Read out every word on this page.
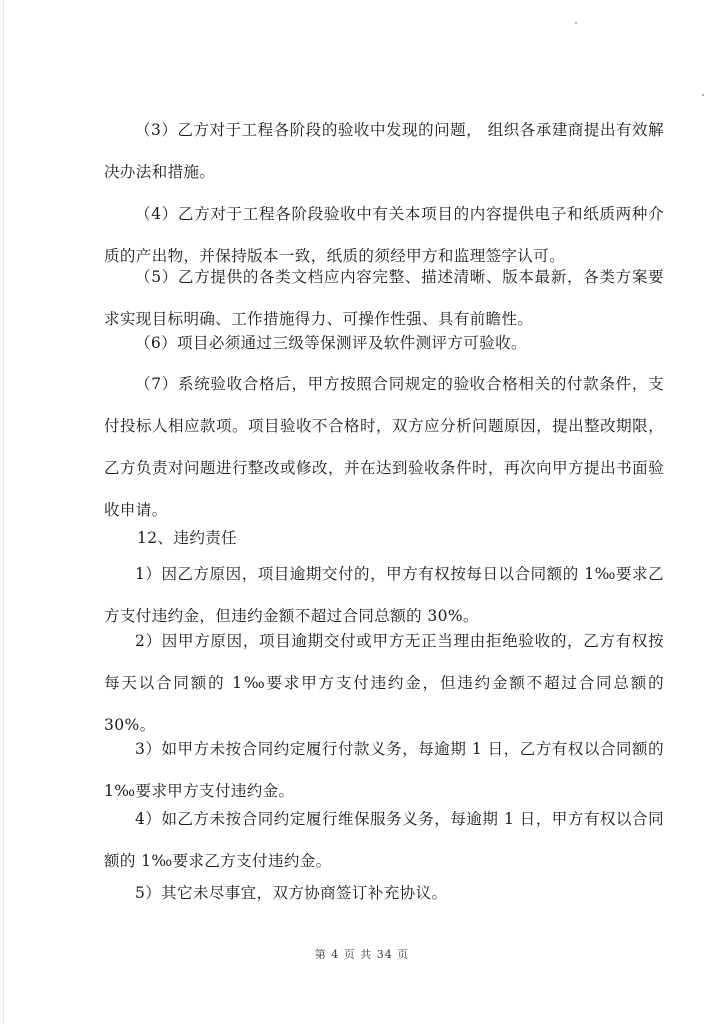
（3）乙方对于工程各阶段的验收中发现的问题， 组织各承建商提出有效解决办法和措施。

（4）乙方对于工程各阶段验收中有关本项目的内容提供电子和纸质两种介质的产出物，并保持版本一致，纸质的须经甲方和监理签字认可。

（5）乙方提供的各类文档应内容完整、描述清晰、版本最新，各类方案要求实现目标明确、工作措施得力、可操作性强、具有前瞻性。

（6）项目必须通过三级等保测评及软件测评方可验收。

（7）系统验收合格后，甲方按照合同规定的验收合格相关的付款条件，支付投标人相应款项。项目验收不合格时，双方应分析问题原因，提出整改期限，乙方负责对问题进行整改或修改，并在达到验收条件时，再次向甲方提出书面验收申请。

12、违约责任

1）因乙方原因，项目逾期交付的，甲方有权按每日以合同额的 1‰要求乙方支付违约金，但违约金额不超过合同总额的 30%。

2）因甲方原因，项目逾期交付或甲方无正当理由拒绝验收的，乙方有权按每天以合同额的 1‰要求甲方支付违约金，但违约金额不超过合同总额的 30%。

3）如甲方未按合同约定履行付款义务，每逾期 1 日，乙方有权以合同额的 1‰要求甲方支付违约金。

4）如乙方未按合同约定履行维保服务义务，每逾期 1 日，甲方有权以合同额的 1‰要求乙方支付违约金。

5）其它未尽事宜，双方协商签订补充协议。

第 4 页 共 34 页
